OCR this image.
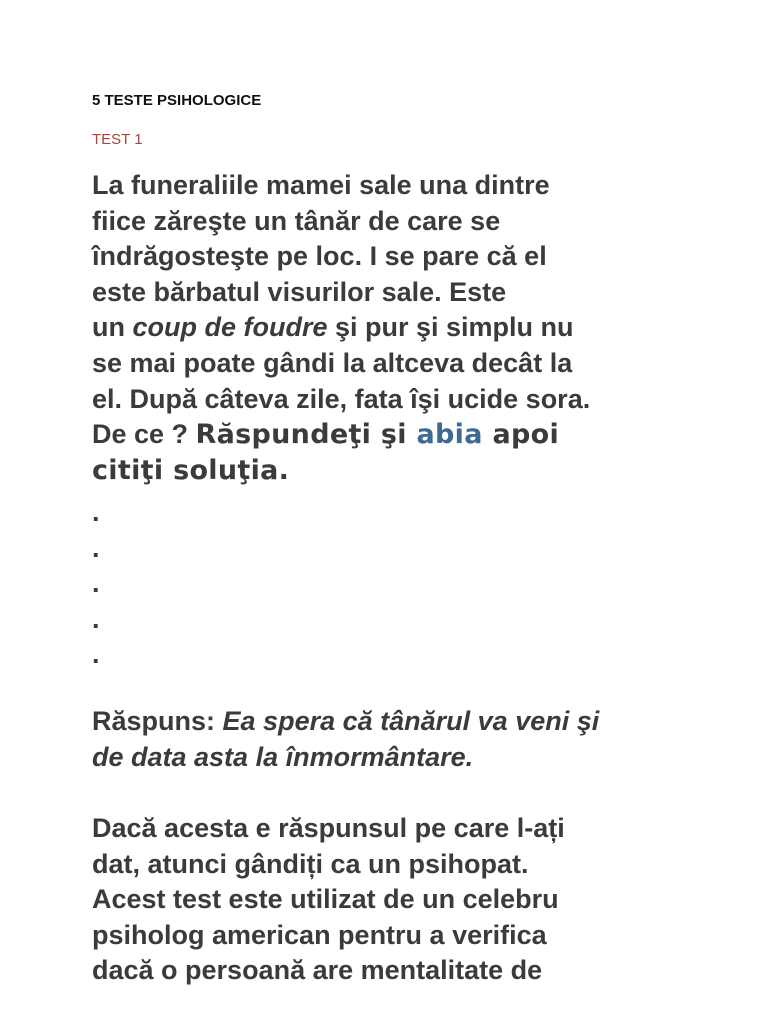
5 TESTE PSIHOLOGICE
TEST 1
La funeraliile mamei sale una dintre
fiice zăreşte un tânăr de care se
îndrăgosteşte pe loc. I se pare că el
este bărbatul visurilor sale. Este
un coup de foudre şi pur şi simplu nu
se mai poate gândi la altceva decât la
el. După câteva zile, fata îşi ucide sora.
De ce ? Răspundeţi şi abia apoi
citiţi soluţia.
.
.
.
.
.
Răspuns: Ea spera că tânărul va veni şi
de data asta la înmormântare.
Dacă acesta e răspunsul pe care l-ați
dat, atunci gândiți ca un psihopat.
Acest test este utilizat de un celebru
psiholog american pentru a verifica
dacă o persoană are mentalitate de
